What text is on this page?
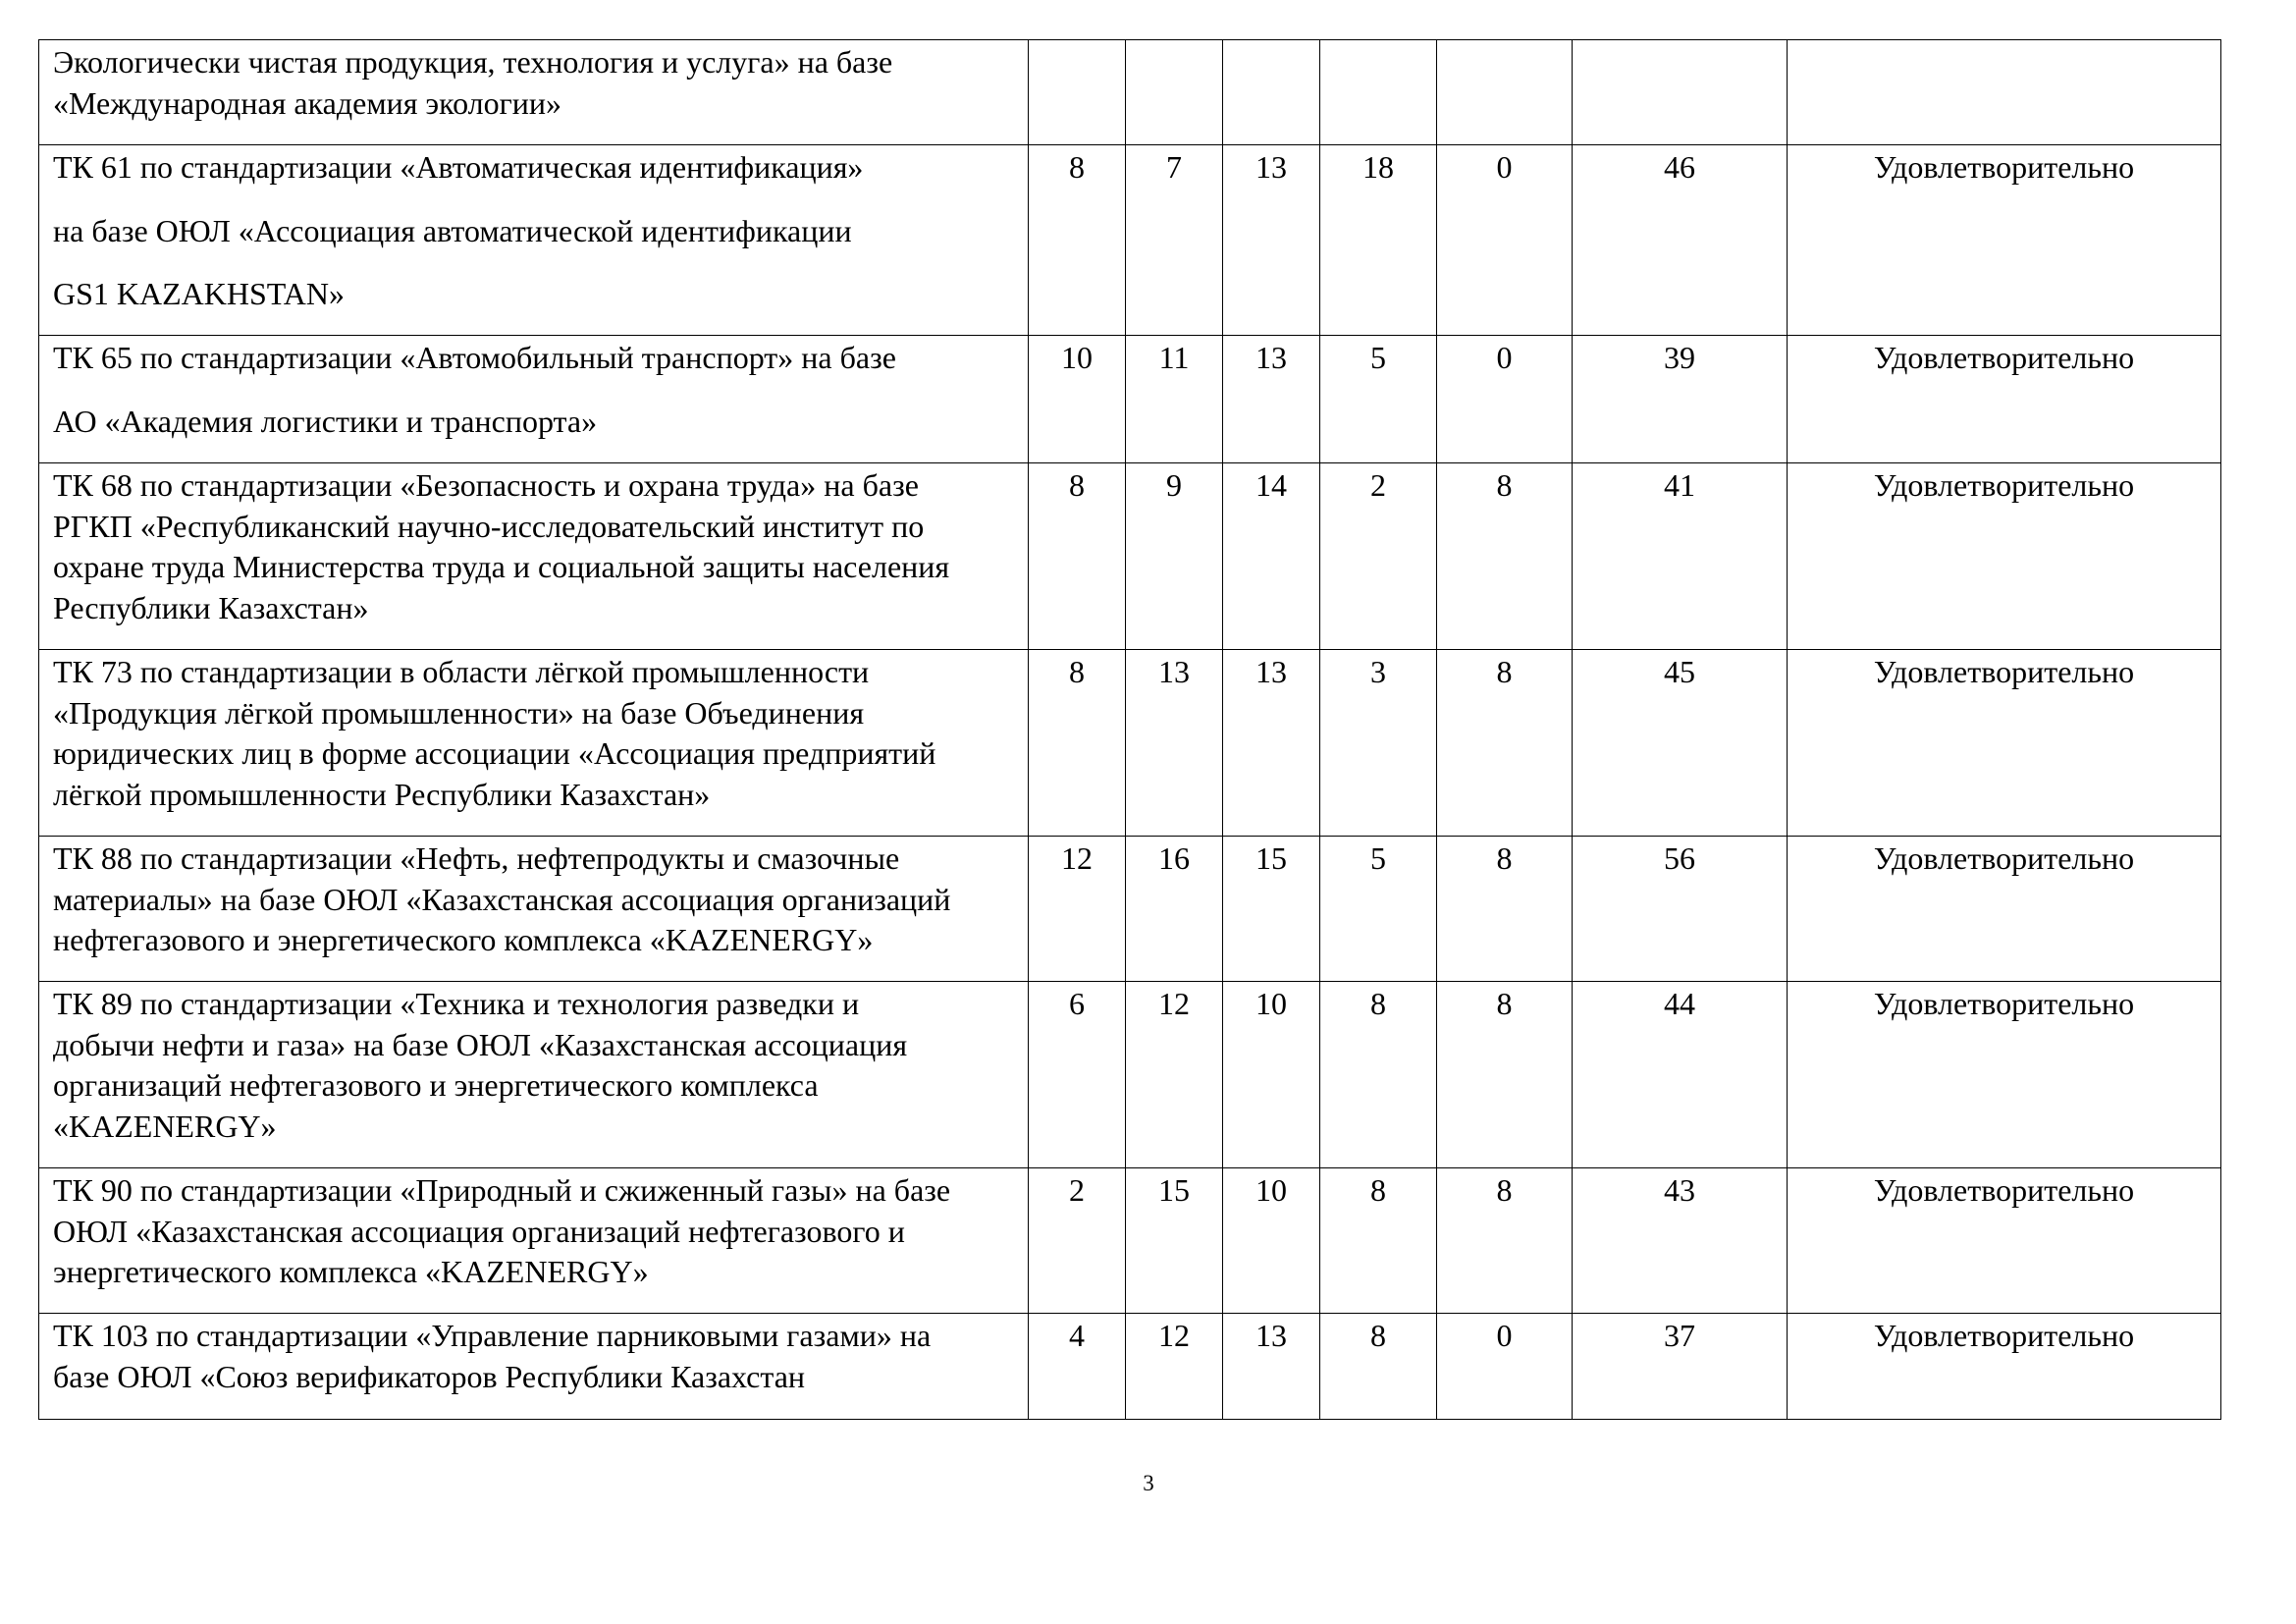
Экологически чистая продукция, технология и услуга» на базе
«Международная академия экологии»							

ТК 61 по стандартизации «Автоматическая идентификация»
на базе ОЮЛ «Ассоциация автоматической идентификации
GS1 KAZAKHSTAN»	8	7	13	18	0	46	Удовлетворительно

ТК 65 по стандартизации «Автомобильный транспорт» на базе
АО «Академия логистики и транспорта»	10	11	13	5	0	39	Удовлетворительно

ТК 68 по стандартизации «Безопасность и охрана труда» на базе
РГКП «Республиканский научно-исследовательский институт по
охране труда Министерства труда и социальной защиты населения
Республики Казахстан»	8	9	14	2	8	41	Удовлетворительно

ТК 73 по стандартизации в области лёгкой промышленности
«Продукция лёгкой промышленности» на базе Объединения
юридических лиц в форме ассоциации «Ассоциация предприятий
лёгкой промышленности Республики Казахстан»	8	13	13	3	8	45	Удовлетворительно

ТК 88 по стандартизации «Нефть, нефтепродукты и смазочные
материалы» на базе ОЮЛ «Казахстанская ассоциация организаций
нефтегазового и энергетического комплекса «KAZENERGY»	12	16	15	5	8	56	Удовлетворительно

ТК 89 по стандартизации «Техника и технология разведки и
добычи нефти и газа» на базе ОЮЛ «Казахстанская ассоциация
организаций нефтегазового и энергетического комплекса
«KAZENERGY»	6	12	10	8	8	44	Удовлетворительно

ТК 90 по стандартизации «Природный и сжиженный газы» на базе
ОЮЛ «Казахстанская ассоциация организаций нефтегазового и
энергетического комплекса «KAZENERGY»	2	15	10	8	8	43	Удовлетворительно

ТК 103 по стандартизации «Управление парниковыми газами» на
базе ОЮЛ «Союз верификаторов Республики Казахстан	4	12	13	8	0	37	Удовлетворительно
3
